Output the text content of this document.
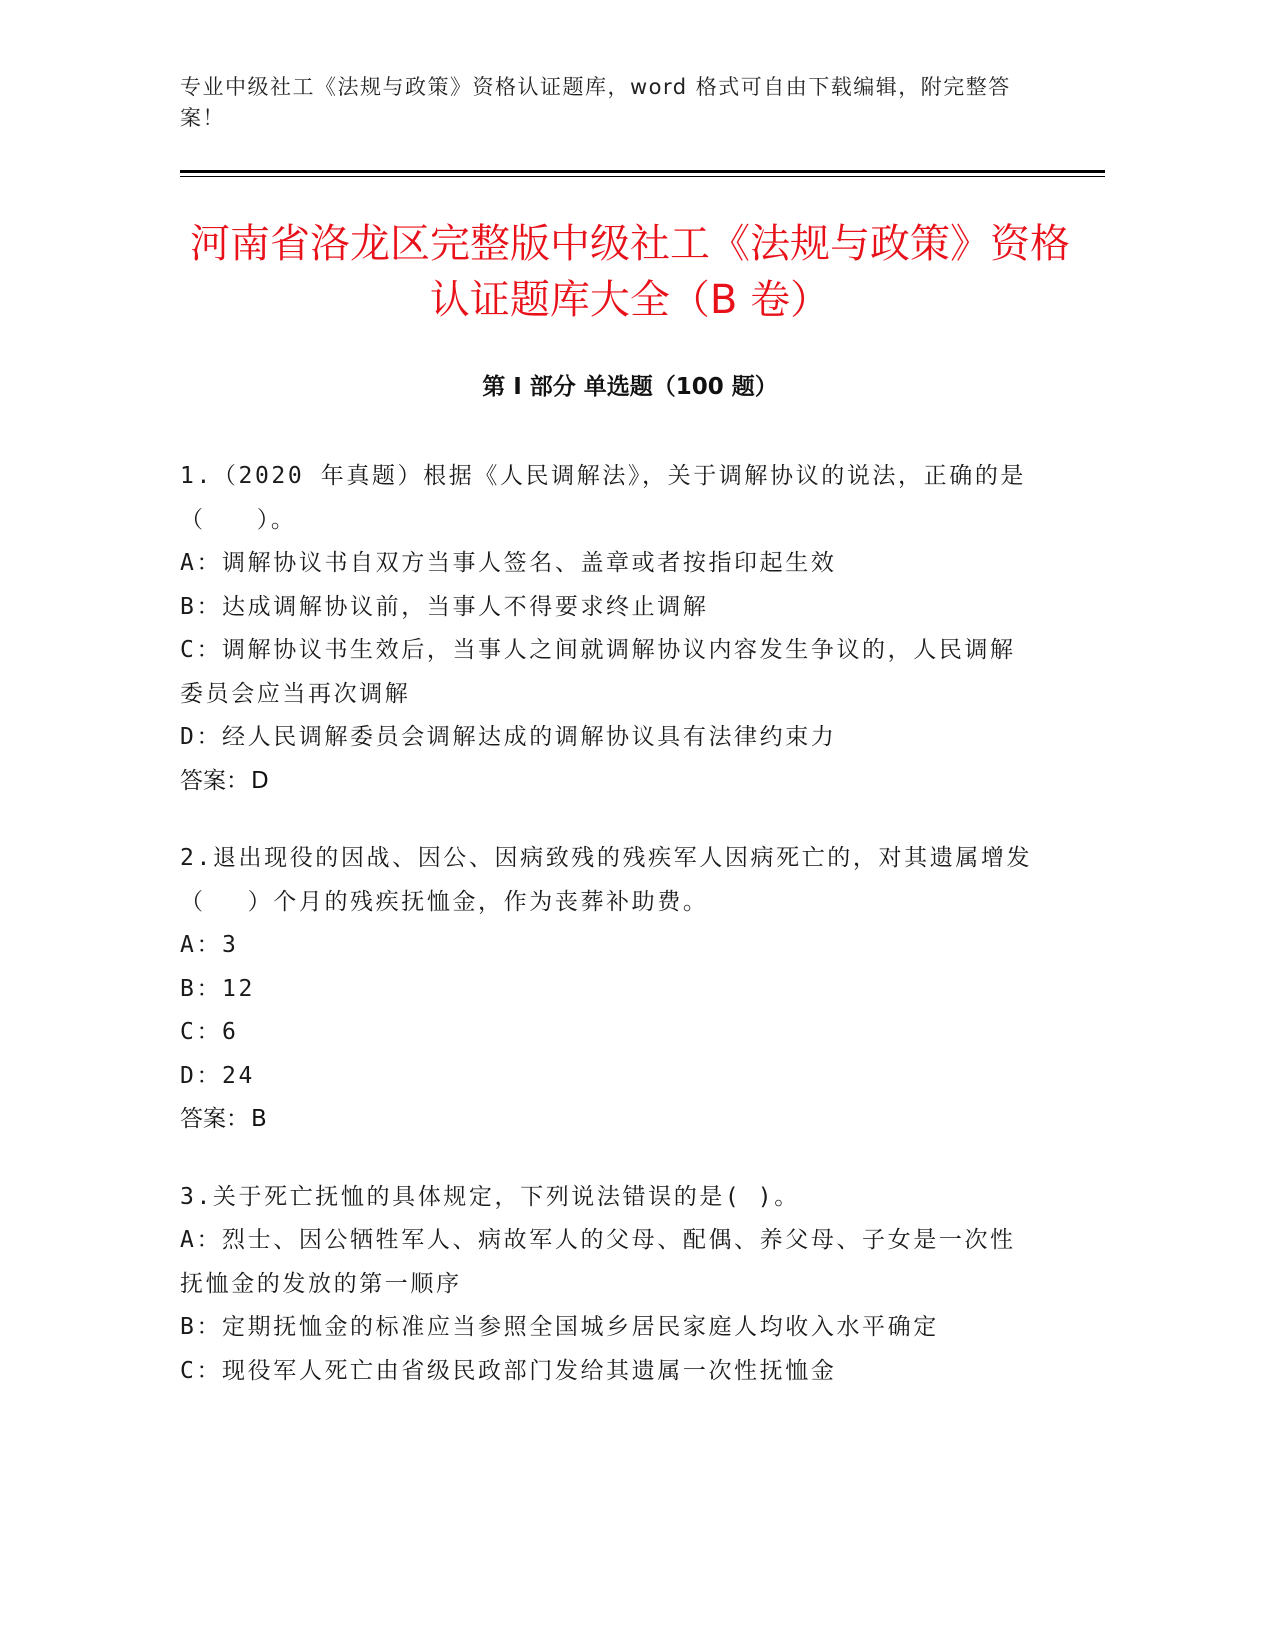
专业中级社工《法规与政策》资格认证题库，word 格式可自由下载编辑，附完整答案！
河南省洛龙区完整版中级社工《法规与政策》资格认证题库大全（B 卷）
第 I 部分 单选题（100 题）
1.（2020 年真题）根据《人民调解法》，关于调解协议的说法，正确的是（　　）。
A：调解协议书自双方当事人签名、盖章或者按指印起生效
B：达成调解协议前，当事人不得要求终止调解
C：调解协议书生效后，当事人之间就调解协议内容发生争议的，人民调解委员会应当再次调解
D：经人民调解委员会调解达成的调解协议具有法律约束力
答案：D
2.退出现役的因战、因公、因病致残的残疾军人因病死亡的，对其遗属增发（　 ）个月的残疾抚恤金，作为丧葬补助费。
A：3
B：12
C：6
D：24
答案：B
3.关于死亡抚恤的具体规定，下列说法错误的是( )。
A：烈士、因公牺牲军人、病故军人的父母、配偶、养父母、子女是一次性抚恤金的发放的第一顺序
B：定期抚恤金的标准应当参照全国城乡居民家庭人均收入水平确定
C：现役军人死亡由省级民政部门发给其遗属一次性抚恤金
